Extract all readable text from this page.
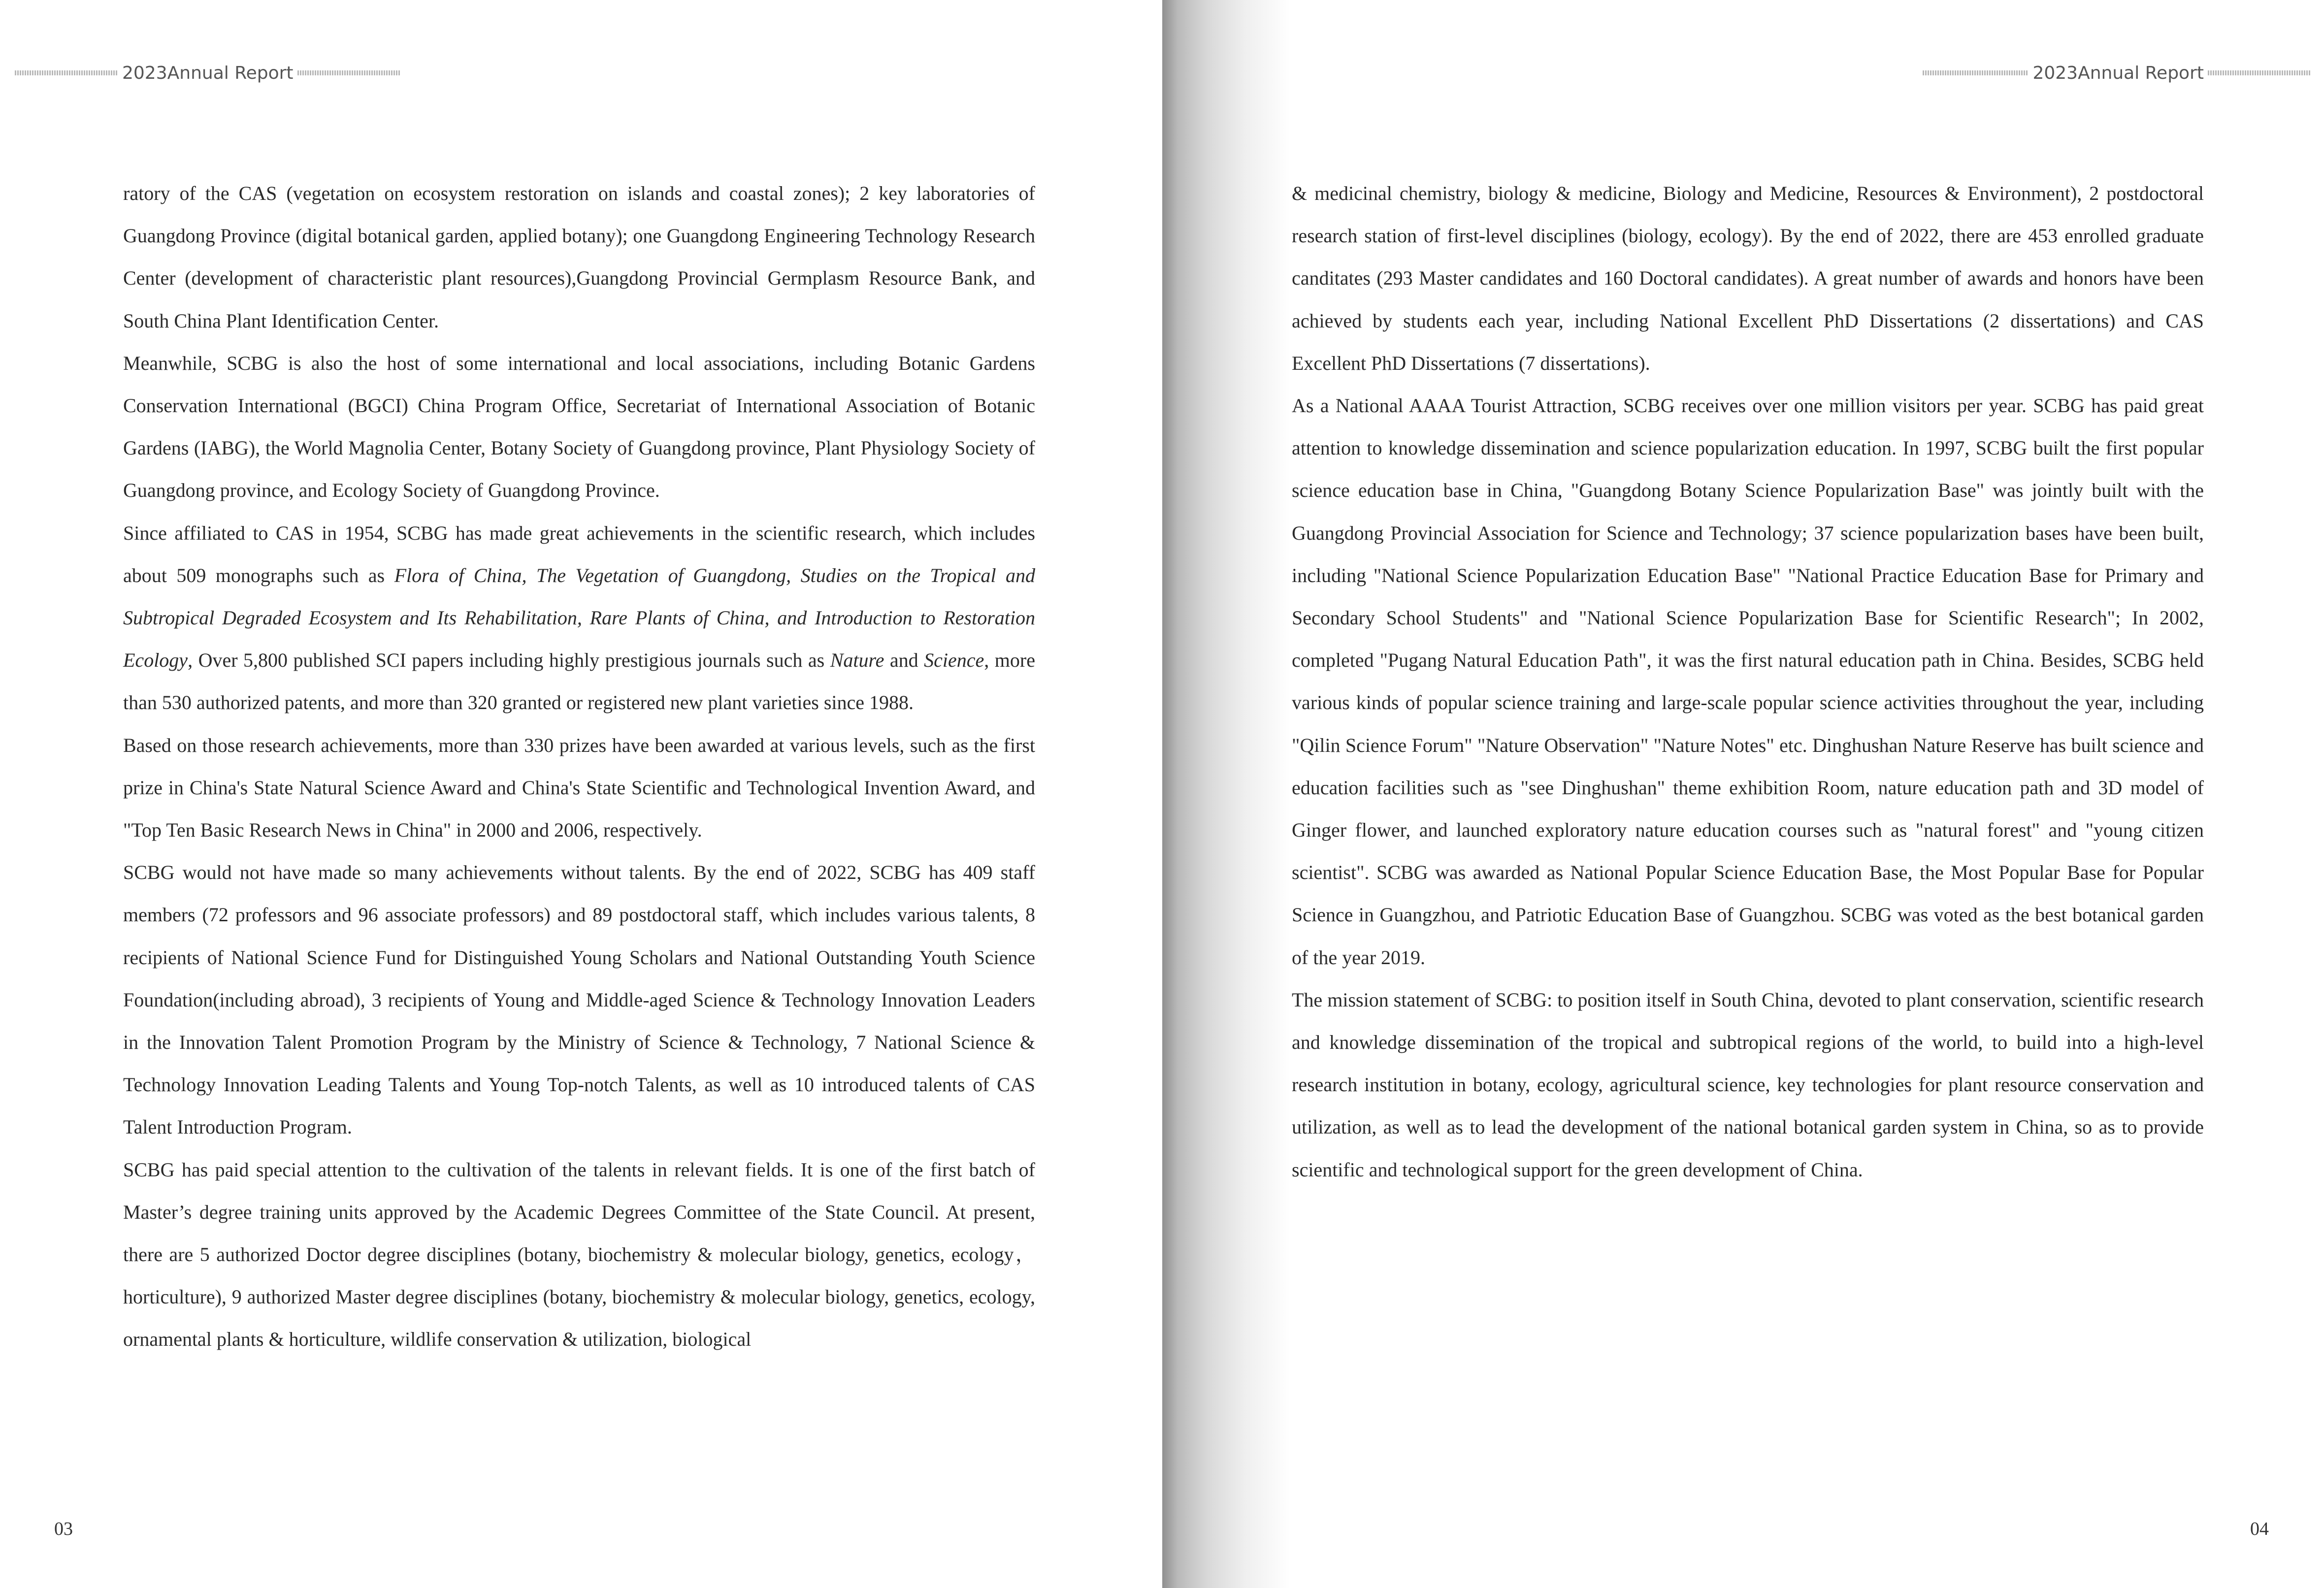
2023 Annual Report

ratory of the CAS (vegetation on ecosystem restoration on islands and coastal zones); 2 key laboratories of Guangdong Province (digital botanical garden, applied botany); one Guangdong Engineering Technology Research Center (development of characteristic plant resources),Guangdong Provincial Germplasm Resource Bank, and South China Plant Identification Center.

Meanwhile, SCBG is also the host of some international and local associations, including Botanic Gardens Conservation International (BGCI) China Program Office, Secretariat of International Association of Botanic Gardens (IABG), the World Magnolia Center, Botany Society of Guangdong province, Plant Physiology Society of Guangdong province, and Ecology Society of Guangdong Province.

Since affiliated to CAS in 1954, SCBG has made great achievements in the scientific research, which includes about 509 monographs such as Flora of China, The Vegetation of Guangdong, Studies on the Tropical and Subtropical Degraded Ecosystem and Its Rehabilitation, Rare Plants of China, and Introduction to Restoration Ecology, Over 5,800 published SCI papers including highly prestigious journals such as Nature and Science, more than 530 authorized patents, and more than 320 granted or registered new plant varieties since 1988.

Based on those research achievements, more than 330 prizes have been awarded at various levels, such as the first prize in China's State Natural Science Award and China's State Scientific and Technological Invention Award, and "Top Ten Basic Research News in China" in 2000 and 2006, respectively.

SCBG would not have made so many achievements without talents. By the end of 2022, SCBG has 409 staff members (72 professors and 96 associate professors) and 89 postdoctoral staff, which includes various talents, 8 recipients of National Science Fund for Distinguished Young Scholars and National Outstanding Youth Science Foundation(including abroad), 3 recipients of Young and Middle-aged Science & Technology Innovation Leaders in the Innovation Talent Promotion Program by the Ministry of Science & Technology, 7 National Science & Technology Innovation Leading Talents and Young Top-notch Talents, as well as 10 introduced talents of CAS Talent Introduction Program.

SCBG has paid special attention to the cultivation of the talents in relevant fields. It is one of the first batch of Master’s degree training units approved by the Academic Degrees Committee of the State Council. At present, there are 5 authorized Doctor degree disciplines (botany, biochemistry & molecular biology, genetics, ecology，horticulture), 9 authorized Master degree disciplines (botany, biochemistry & molecular biology, genetics, ecology, ornamental plants & horticulture, wildlife conservation & utilization, biological

03
2023 Annual Report

& medicinal chemistry, biology & medicine, Biology and Medicine, Resources & Environment), 2 postdoctoral research station of first-level disciplines (biology, ecology). By the end of 2022, there are 453 enrolled graduate canditates (293 Master candidates and 160 Doctoral candidates). A great number of awards and honors have been achieved by students each year, including National Excellent PhD Dissertations (2 dissertations) and CAS Excellent PhD Dissertations (7 dissertations).

As a National AAAA Tourist Attraction, SCBG receives over one million visitors per year. SCBG has paid great attention to knowledge dissemination and science popularization education. In 1997, SCBG built the first popular science education base in China, "Guangdong Botany Science Popularization Base" was jointly built with the Guangdong Provincial Association for Science and Technology; 37 science popularization bases have been built, including "National Science Popularization Education Base" "National Practice Education Base for Primary and Secondary School Students" and "National Science Popularization Base for Scientific Research"; In 2002, completed "Pugang Natural Education Path", it was the first natural education path in China. Besides, SCBG held various kinds of popular science training and large-scale popular science activities throughout the year, including "Qilin Science Forum" "Nature Observation" "Nature Notes" etc. Dinghushan Nature Reserve has built science and education facilities such as "see Dinghushan" theme exhibition Room, nature education path and 3D model of Ginger flower, and launched exploratory nature education courses such as "natural forest" and "young citizen scientist". SCBG was awarded as National Popular Science Education Base, the Most Popular Base for Popular Science in Guangzhou, and Patriotic Education Base of Guangzhou. SCBG was voted as the best botanical garden of the year 2019.

The mission statement of SCBG: to position itself in South China, devoted to plant conservation, scientific research and knowledge dissemination of the tropical and subtropical regions of the world, to build into a high-level research institution in botany, ecology, agricultural science, key technologies for plant resource conservation and utilization, as well as to lead the development of the national botanical garden system in China, so as to provide scientific and technological support for the green development of China.

04
